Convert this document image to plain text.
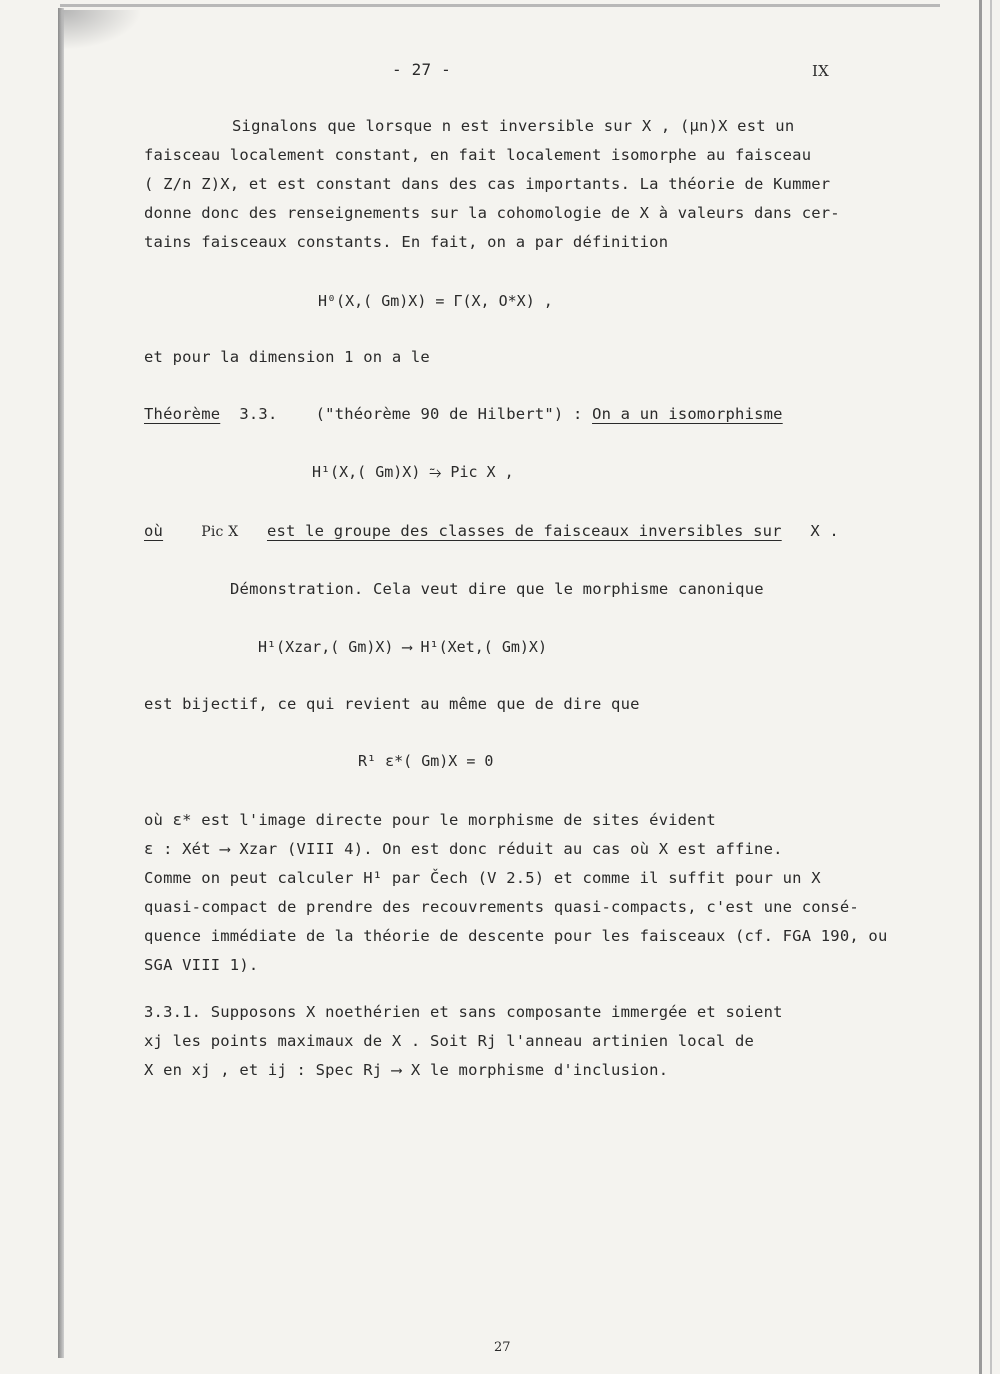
- 27 -	IX
Signalons que lorsque n est inversible sur X , (μn)X est un
faisceau localement constant, en fait localement isomorphe au faisceau
( Z/n Z)X, et est constant dans des cas importants. La théorie de Kummer
donne donc des renseignements sur la cohomologie de X à valeurs dans cer-
tains faisceaux constants. En fait, on a par définition
H⁰(X,( Gm)X) = Γ(X, O*X) ,
et pour la dimension 1 on a le
Théorème 3.3. ("théorème 90 de Hilbert") : On a un isomorphisme
H¹(X,( Gm)X) ⥲ Pic X ,
où	Pic X est le groupe des classes de faisceaux inversibles sur X .
Démonstration. Cela veut dire que le morphisme canonique
H¹(Xzar,( Gm)X) ⟶ H¹(Xet,( Gm)X)
est bijectif, ce qui revient au même que de dire que
R¹ ε*( Gm)X = 0
où ε* est l'image directe pour le morphisme de sites évident
ε : Xét ⟶ Xzar (VIII 4). On est donc réduit au cas où X est affine.
Comme on peut calculer H¹ par Čech (V 2.5) et comme il suffit pour un X
quasi-compact de prendre des recouvrements quasi-compacts, c'est une consé-
quence immédiate de la théorie de descente pour les faisceaux (cf. FGA 190, ou
SGA VIII 1).
3.3.1. Supposons X noethérien et sans composante immergée et soient
xj les points maximaux de X . Soit Rj l'anneau artinien local de
X en xj , et ij : Spec Rj ⟶ X le morphisme d'inclusion.
27
